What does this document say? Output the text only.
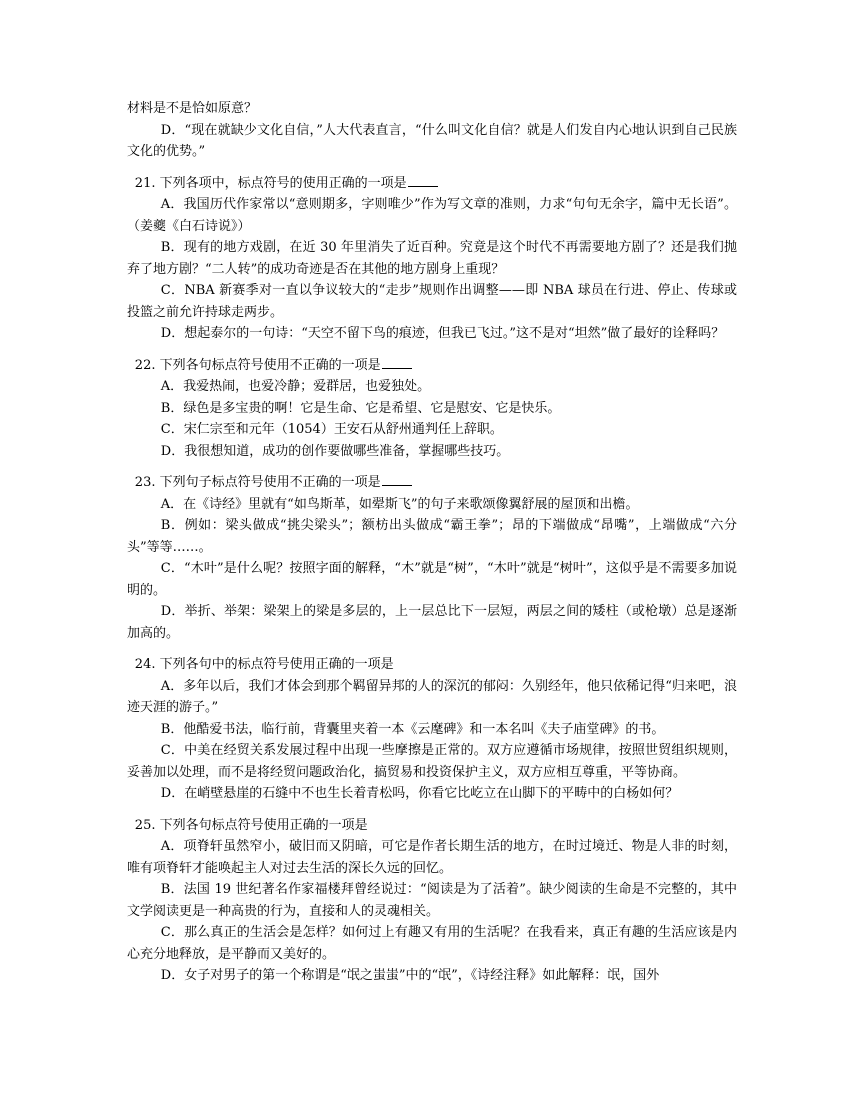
材料是不是恰如原意？

D．“现在就缺少文化自信，”人大代表直言，“什么叫文化自信？就是人们发自内心地认识到自己民族文化的优势。”

21. 下列各项中，标点符号的使用正确的一项是

A．我国历代作家常以“意则期多，字则唯少”作为写文章的准则，力求“句句无余字，篇中无长语”。（姜夔《白石诗说》）

B．现有的地方戏剧，在近 30 年里消失了近百种。究竟是这个时代不再需要地方剧了？还是我们抛弃了地方剧？“二人转”的成功奇迹是否在其他的地方剧身上重现？

C．NBA 新赛季对一直以争议较大的“走步”规则作出调整——即 NBA 球员在行进、停止、传球或投篮之前允许持球走两步。

D．想起泰尔的一句诗：“天空不留下鸟的痕迹，但我已飞过。”这不是对“坦然”做了最好的诠释吗？

22. 下列各句标点符号使用不正确的一项是

A．我爱热闹，也爱冷静；爱群居，也爱独处。

B．绿色是多宝贵的啊！它是生命、它是希望、它是慰安、它是快乐。

C．宋仁宗至和元年（1054）王安石从舒州通判任上辞职。

D．我很想知道，成功的创作要做哪些准备，掌握哪些技巧。

23. 下列句子标点符号使用不正确的一项是

A．在《诗经》里就有“如鸟斯革，如翚斯飞”的句子来歌颂像翼舒展的屋顶和出檐。

B．例如：梁头做成“挑尖梁头”；额枋出头做成“霸王拳”；昂的下端做成“昂嘴”，上端做成“六分头”等等……。

C．“木叶”是什么呢？按照字面的解释，“木”就是“树”，“木叶”就是“树叶”，这似乎是不需要多加说明的。

D．举折、举架：梁架上的梁是多层的，上一层总比下一层短，两层之间的矮柱（或枪墩）总是逐渐加高的。

24. 下列各句中的标点符号使用正确的一项是

A．多年以后，我们才体会到那个羁留异邦的人的深沉的郁闷：久别经年，他只依稀记得“归来吧，浪迹天涯的游子。”

B．他酷爱书法，临行前，背囊里夹着一本《云麾碑》和一本名叫《夫子庙堂碑》的书。

C．中美在经贸关系发展过程中出现一些摩擦是正常的。双方应遵循市场规律，按照世贸组织规则，妥善加以处理，而不是将经贸问题政治化，搞贸易和投资保护主义，双方应相互尊重，平等协商。

D．在峭壁悬崖的石缝中不也生长着青松吗，你看它比屹立在山脚下的平畴中的白杨如何？

25. 下列各句标点符号使用正确的一项是

A．项脊轩虽然窄小，破旧而又阴暗，可它是作者长期生活的地方，在时过境迁、物是人非的时刻，唯有项脊轩才能唤起主人对过去生活的深长久远的回忆。

B．法国 19 世纪著名作家福楼拜曾经说过：“阅读是为了活着”。缺少阅读的生命是不完整的，其中文学阅读更是一种高贵的行为，直接和人的灵魂相关。

C．那么真正的生活会是怎样？如何过上有趣又有用的生活呢？在我看来，真正有趣的生活应该是内心充分地释放，是平静而又美好的。

D．女子对男子的第一个称谓是“氓之蚩蚩”中的“氓”，《诗经注释》如此解释：氓，国外
